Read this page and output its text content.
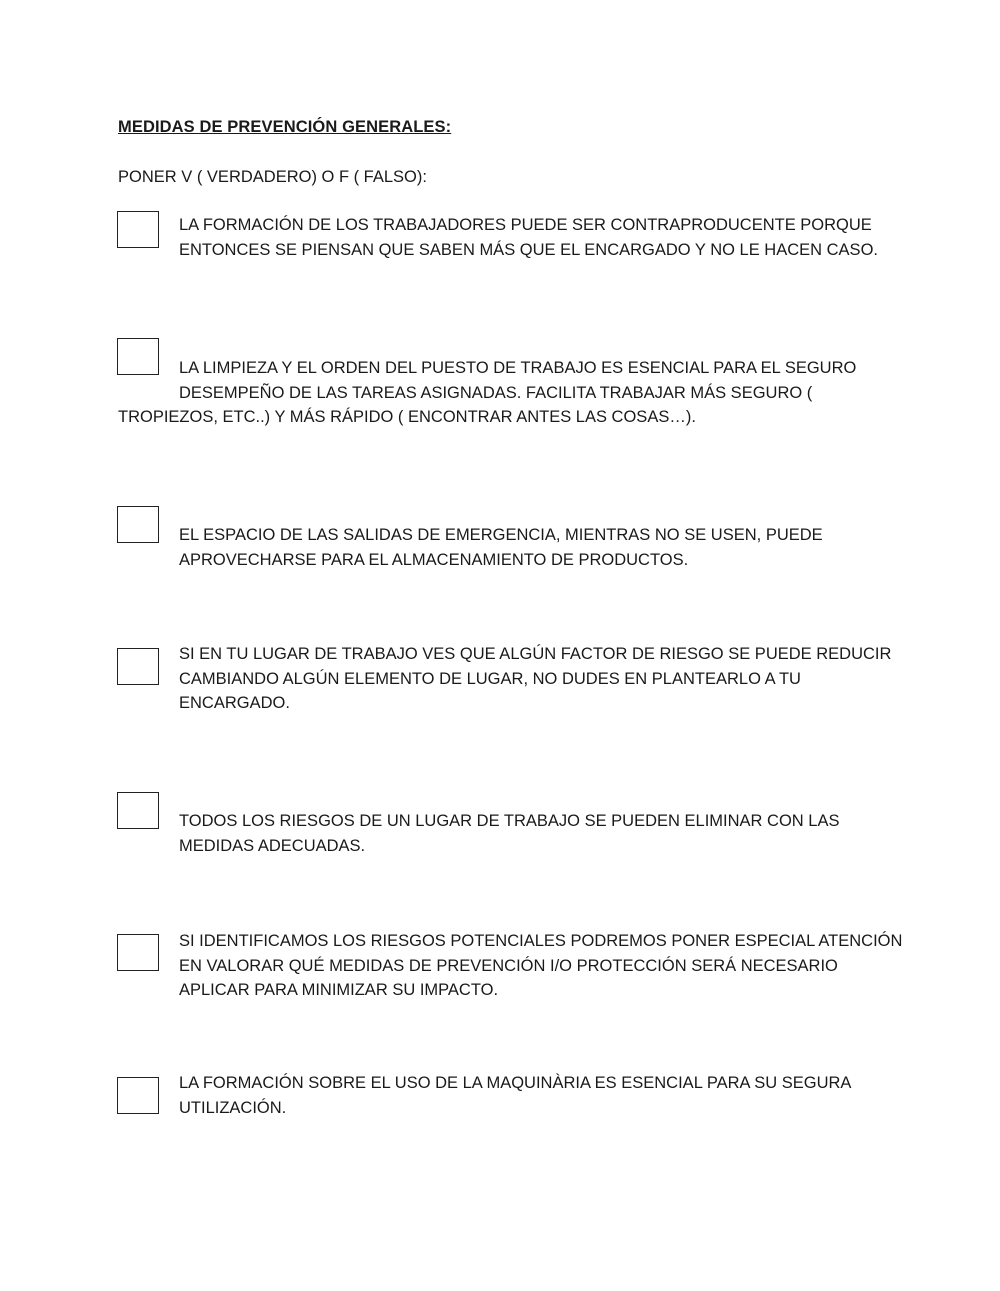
MEDIDAS DE PREVENCIÓN GENERALES:
PONER V ( VERDADERO) O F ( FALSO):
LA FORMACIÓN DE LOS TRABAJADORES PUEDE SER CONTRAPRODUCENTE PORQUE
ENTONCES SE PIENSAN QUE SABEN MÁS QUE EL ENCARGADO Y NO LE HACEN CASO.
LA LIMPIEZA Y EL ORDEN DEL PUESTO DE TRABAJO ES ESENCIAL PARA EL SEGURO
DESEMPEÑO DE LAS TAREAS ASIGNADAS. FACILITA TRABAJAR MÁS SEGURO (
TROPIEZOS, ETC..) Y MÁS RÁPIDO ( ENCONTRAR ANTES LAS COSAS…).
EL ESPACIO DE LAS SALIDAS DE EMERGENCIA, MIENTRAS NO SE USEN, PUEDE
APROVECHARSE PARA EL ALMACENAMIENTO DE PRODUCTOS.
SI EN TU LUGAR DE TRABAJO VES QUE ALGÚN FACTOR DE RIESGO SE PUEDE REDUCIR
CAMBIANDO ALGÚN ELEMENTO DE LUGAR, NO DUDES EN PLANTEARLO A TU
ENCARGADO.
TODOS LOS RIESGOS DE UN LUGAR DE TRABAJO SE PUEDEN ELIMINAR CON LAS
MEDIDAS ADECUADAS.
SI IDENTIFICAMOS LOS RIESGOS POTENCIALES PODREMOS PONER ESPECIAL ATENCIÓN
EN VALORAR QUÉ MEDIDAS DE PREVENCIÓN I/O PROTECCIÓN SERÁ NECESARIO
APLICAR PARA MINIMIZAR SU IMPACTO.
LA FORMACIÓN SOBRE EL USO DE LA MAQUINÀRIA ES ESENCIAL PARA SU SEGURA
UTILIZACIÓN.
